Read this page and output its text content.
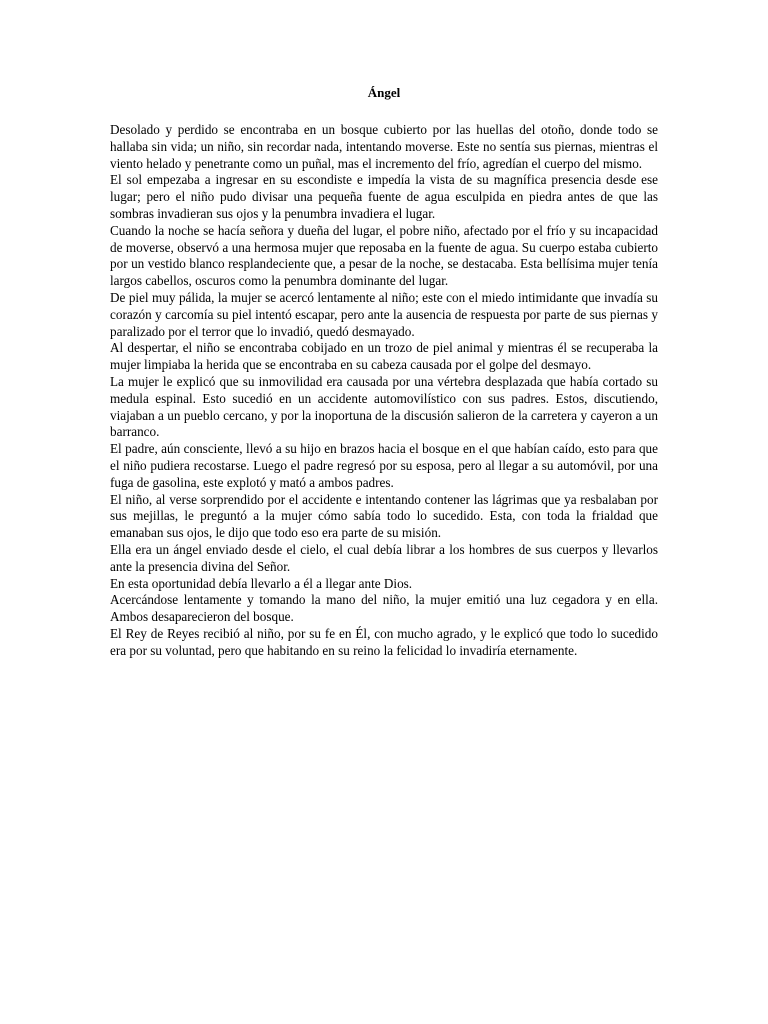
Ángel

Desolado y perdido se encontraba en un bosque cubierto por las huellas del otoño, donde todo se hallaba sin vida; un niño, sin recordar nada, intentando moverse. Este no sentía sus piernas, mientras el viento helado y penetrante como un puñal, mas el incremento del frío, agredían el cuerpo del mismo.

El sol empezaba a ingresar en su escondiste e impedía la vista de su magnífica presencia desde ese lugar; pero el niño pudo divisar una pequeña fuente de agua esculpida en piedra antes de que las sombras invadieran sus ojos y la penumbra invadiera el lugar.

Cuando la noche se hacía señora y dueña del lugar, el pobre niño, afectado por el frío y su incapacidad de moverse, observó a una hermosa mujer que reposaba en la fuente de agua. Su cuerpo estaba cubierto por un vestido blanco resplandeciente que, a pesar de la noche, se destacaba. Esta bellísima mujer tenía largos cabellos, oscuros como la penumbra dominante del lugar.

De piel muy pálida, la mujer se acercó lentamente al niño; este con el miedo intimidante que invadía su corazón y carcomía su piel intentó escapar, pero ante la ausencia de respuesta por parte de sus piernas y paralizado por el terror que lo invadió, quedó desmayado.

Al despertar, el niño se encontraba cobijado en un trozo de piel animal y mientras él se recuperaba la mujer limpiaba la herida que se encontraba en su cabeza causada por el golpe del desmayo.

La mujer le explicó que su inmovilidad era causada por una vértebra desplazada que había cortado su medula espinal. Esto sucedió en un accidente automovilístico con sus padres. Estos, discutiendo, viajaban a un pueblo cercano, y por la inoportuna de la discusión salieron de la carretera y cayeron a un barranco.

El padre, aún consciente, llevó a su hijo en brazos hacia el bosque en el que habían caído, esto para que el niño pudiera recostarse. Luego el padre regresó por su esposa, pero al llegar a su automóvil, por una fuga de gasolina, este explotó y mató a ambos padres.

El niño, al verse sorprendido por el accidente e intentando contener las lágrimas que ya resbalaban por sus mejillas, le preguntó a la mujer cómo sabía todo lo sucedido. Esta, con toda la frialdad que emanaban sus ojos, le dijo que todo eso era parte de su misión.

Ella era un ángel enviado desde el cielo, el cual debía librar a los hombres de sus cuerpos y llevarlos ante la presencia divina del Señor.

En esta oportunidad debía llevarlo a él a llegar ante Dios.

Acercándose lentamente y tomando la mano del niño, la mujer emitió una luz cegadora y en ella. Ambos desaparecieron del bosque.

El Rey de Reyes recibió al niño, por su fe en Él, con mucho agrado, y le explicó que todo lo sucedido era por su voluntad, pero que habitando en su reino la felicidad lo invadiría eternamente.
